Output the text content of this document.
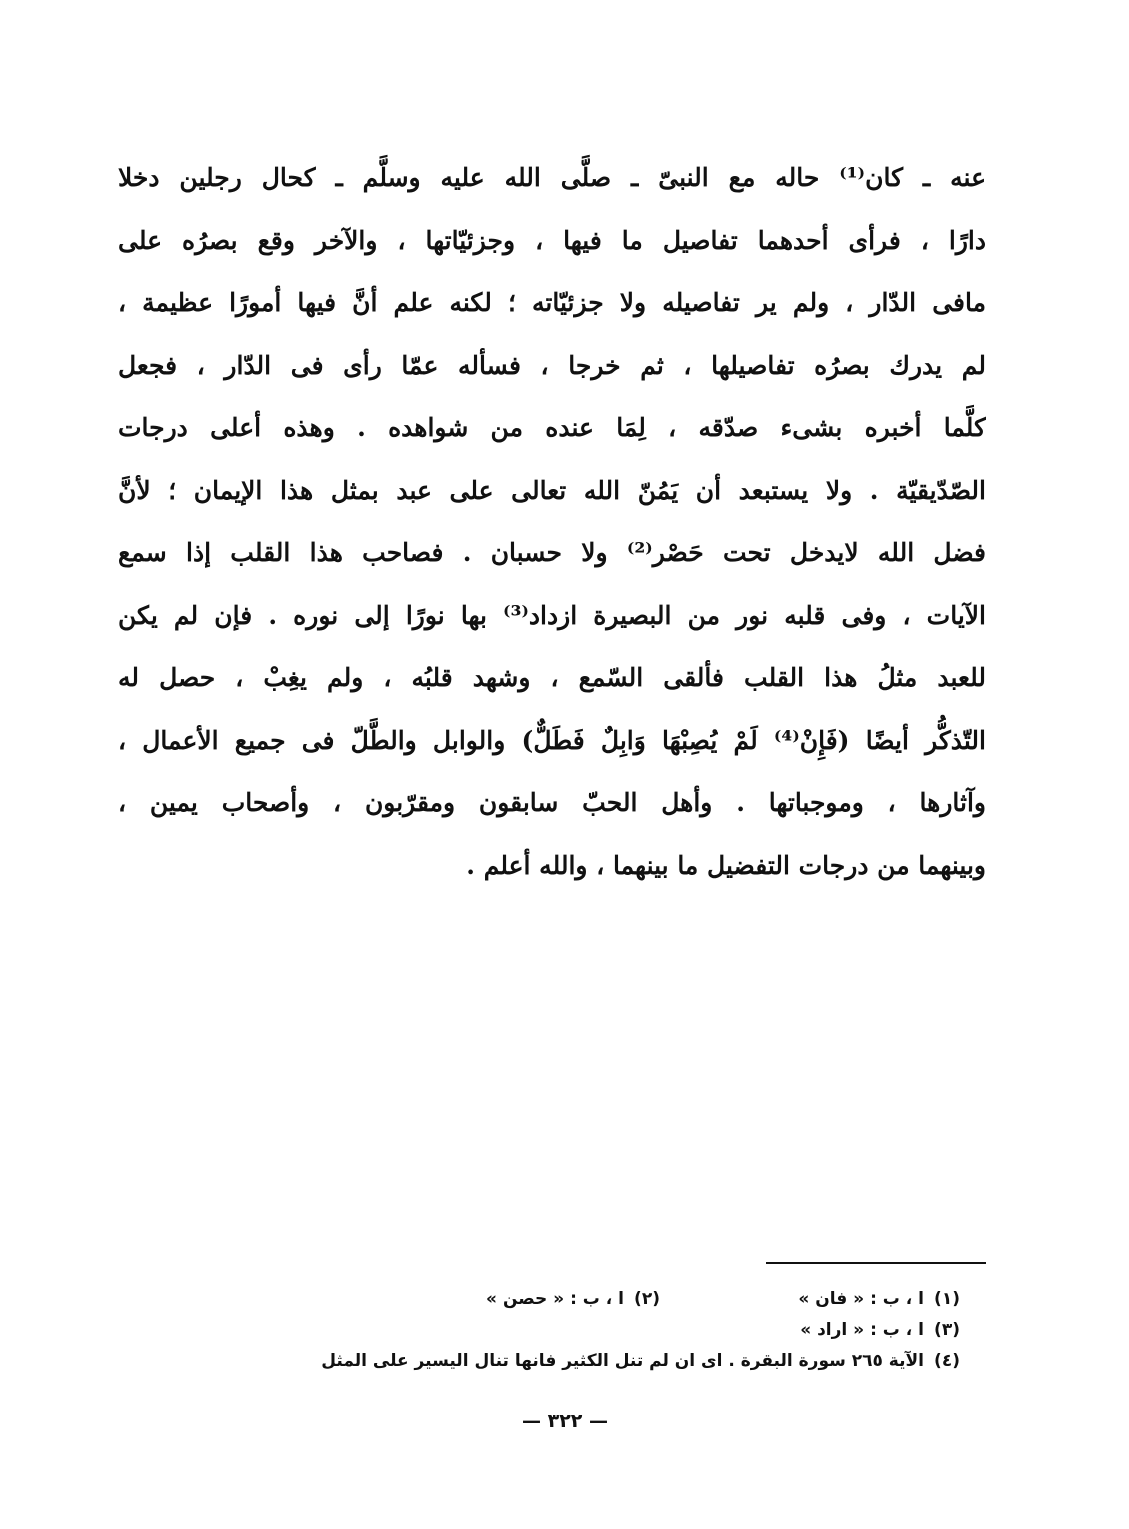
عنه ـ كان⁽¹⁾ حاله مع النبىّ ـ صلَّى الله عليه وسلَّم ـ كحال رجلين دخلا
دارًا ، فرأى أحدهما تفاصيل ما فيها ، وجزئيّاتها ، والآخر وقع بصرُه على
مافى الدّار ، ولم ير تفاصيله ولا جزئيّاته ؛ لكنه علم أنَّ فيها أمورًا عظيمة ،
لم يدرك بصرُه تفاصيلها ، ثم خرجا ، فسأله عمّا رأى فى الدّار ، فجعل
كلَّما أخبره بشىء صدّقه ، لِمَا عنده من شواهده . وهذه أعلى درجات
الصّدّيقيّة . ولا يستبعد أن يَمُنّ الله تعالى على عبد بمثل هذا الإيمان ؛ لأنَّ
فضل الله لايدخل تحت حَصْر⁽²⁾ ولا حسبان . فصاحب هذا القلب إذا سمع
الآيات ، وفى قلبه نور من البصيرة ازداد⁽³⁾ بها نورًا إلى نوره . فإن لم يكن
للعبد مثلُ هذا القلب فألقى السّمع ، وشهد قلبُه ، ولم يغِبْ ، حصل له
التّذكُّر أيضًا (فَإِنْ⁽⁴⁾ لَمْ يُصِبْهَا وَابِلٌ فَطَلٌّ) والوابل والطَّلّ فى جميع الأعمال ،
وآثارها ، وموجباتها . وأهل الحبّ سابقون ومقرّبون ، وأصحاب يمين ،
وبينهما من درجات التفضيل ما بينهما ، والله أعلم .
(١)
ا ، ب : « فان »
(٢)
ا ، ب : « حصن »
(٣)
ا ، ب : « اراد »
(٤)
الآية ٢٦٥ سورة البقرة . اى ان لم تنل الكثير فانها تنال اليسير على المثل
— ٣٢٢ —
